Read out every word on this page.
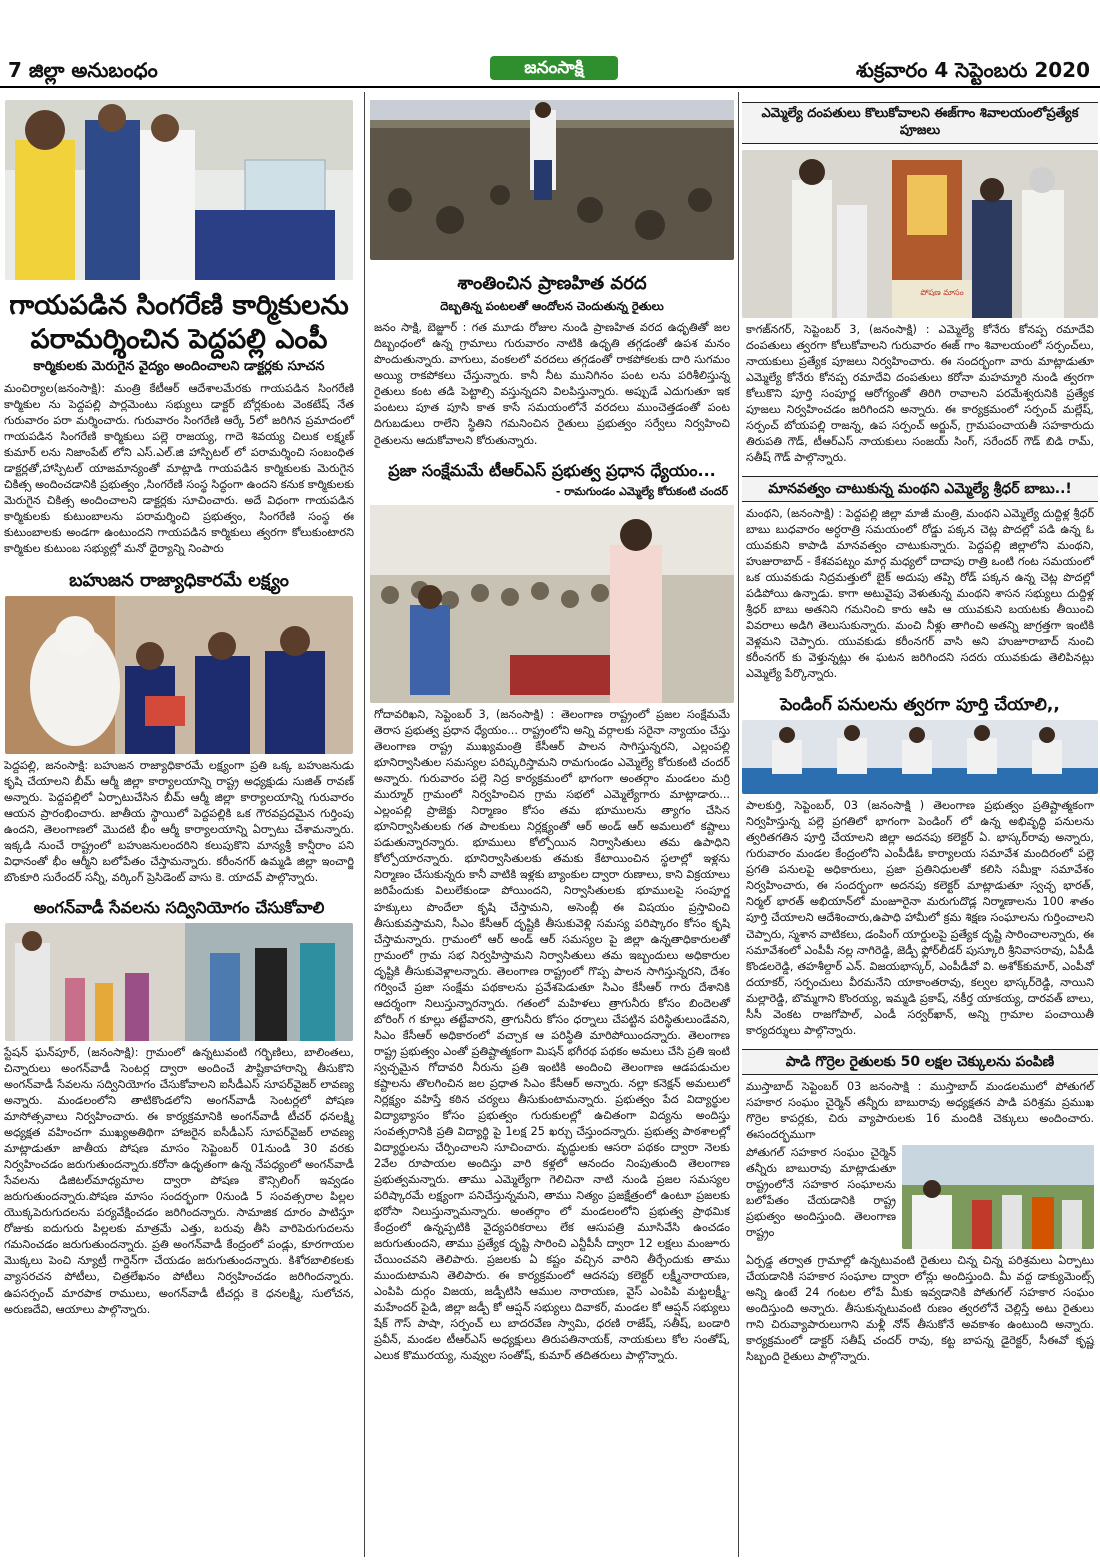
7 జిల్లా అనుబంధం	జనంసాక్షి	శుక్రవారం 4 సెప్టెంబరు 2020
గాయపడిన సింగరేణి కార్మికులను
పరామర్శించిన పెద్దపల్లి ఎంపీ
కార్మికులకు మెరుగైన వైద్యం అందించాలని డాక్టర్లకు సూచన
మంచిర్యాల(జనంసాక్షి): మంత్రి కేటీఆర్ ఆదేశాలమేరకు గాయపడిన సింగరేణి కార్మికుల ను పెద్దపల్లి పార్లమెంటు సభ్యులు డాక్టర్ బోర్లకుంట వెంకటేష్ నేత గురువారం పరా మర్శించారు. గురువారం సింగరేణి ఆర్కే 5లో జరిగిన ప్రమాదంలో గాయపడిన సింగరేణి కార్మికులు పల్లె రాజయ్య, గాదె శివయ్య చిలుక లక్ష్మణ్ కుమార్ లను నిజాంపేట్ లోని ఎస్.ఎల్.జి హాస్పిటల్ లో పరామర్శించి సంబంధిత డాక్టర్లతో,హాస్పిటల్ యాజమాన్యంతో మాట్లాడి గాయపడిన కార్మికులకు మెరుగైన చికిత్స అందించడానికి ప్రభుత్వం ,సింగరేణి సంస్థ సిద్ధంగా ఉందని కనుక కార్మికులకు మెరుగైన చికిత్స అందించాలని డాక్టర్లకు సూచించారు. అదే విధంగా గాయపడిన కార్మికులకు కుటుంబాలను పరామర్శించి ప్రభుత్వం, సింగరేణి సంస్థ ఈ కుటుంబాలకు అండగా ఉంటుందని గాయపడిన కార్మికులు త్వరగా కోలుకుంటారని కార్మికుల కుటుంబ సభ్యుల్లో మనో ధైర్యాన్ని నింపారు
బహుజన రాజ్యాధికారమే లక్ష్యం
పెద్దపల్లి, జనంసాక్షి: బహుజన రాజ్యాధికారమే లక్ష్యంగా ప్రతి ఒక్క బహుజనుడు కృషి చేయాలని బీమ్ ఆర్మీ జిల్లా కార్యాలయాన్ని రాష్ట్ర అధ్యక్షుడు సుజిత్ రావణ్ అన్నారు. పెద్దపల్లిలో ఏర్పాటుచేసిన బీమ్ ఆర్మీ జిల్లా కార్యాలయాన్ని గురువారం ఆయన ప్రారంభించారు. జాతీయ స్థాయిలో పెద్దపల్లికి ఒక గౌరవప్రదమైన గుర్తింపు ఉందని, తెలంగాణలో మొదటి భీం ఆర్మీ కార్యాలయాన్ని ఏర్పాటు చేశామన్నారు. ఇక్కడి నుంచే రాష్ట్రంలో బహుజనులందరిని కలుపుకొని మాన్యశ్రీ కాన్షీరాం పని విధానంతో భీం ఆర్మీని బలోపేతం చేస్తామన్నారు. కరీంనగర్ ఉమ్మడి జిల్లా ఇంచార్జి బొంకూరి సురేందర్ సన్నీ, వర్కింగ్ ప్రెసిడెంట్ వాసు కె. యాదవ్ పాల్గొన్నారు.
అంగన్‌వాడీ సేవలను సద్వినియోగం చేసుకోవాలి
స్టేషన్ ఘన్‌పూర్, (జనంసాక్షి): గ్రామంలో ఉన్నటువంటి గర్భిణిలు, బాలింతలు, చిన్నారులు అంగన్‌వాడీ సెంటర్ల ద్వారా అందించే పౌష్టికాహారాన్ని తీసుకొని అంగన్‌వాడీ సేవలను సద్వినియోగం చేసుకోవాలని ఐసీడీఎస్ సూపర్‌వైజర్ లావణ్య అన్నారు. మండలంలోని తాటికొండలోని అంగన్‌వాడీ సెంటర్లలో పోషణ మాసోత్సవాలు నిర్వహించారు. ఈ కార్యక్రమానికి అంగన్‌వాడీ టీచర్ ధనలక్ష్మి అధ్యక్షత వహించగా ముఖ్యఅతిథిగా హాజరైన ఐసీడీఎస్ సూపర్‌వైజర్ లావణ్య మాట్లాడుతూ జాతీయ పోషణ మాసం సెప్టెంబర్ 01నుండి 30 వరకు నిర్వహించడం జరుగుతుందన్నారు.కరోనా ఉధృతంగా ఉన్న నేపధ్యంలో అంగన్‌వాడీ సేవలను డిజిటల్‌మాధ్యమాల ద్వారా పోషణ కౌన్సిలింగ్ ఇవ్వడం జరుగుతుందన్నారు.పోషణ మాసం సందర్భంగా 0నుండి 5 సంవత్సరాల పిల్లల యొక్కపెరుగుదలను పర్యవేక్షించడం జరిగిందన్నారు. సామాజిక దూరం పాటిస్తూ రోజుకు ఐదుగురు పిల్లలకు మాత్రమే ఎత్తు, బరువు తీసి వారిపెరుగుదలను గమనించడం జరుగుతుందన్నారు. ప్రతి అంగన్‌వాడీ కేంద్రంలో పండ్లు, కూరగాయల మొక్కలు పెంచి న్యూట్రీ గార్డెన్‌గా చేయడం జరుగుతుందన్నారు. కిశోర‌బాలికలకు వ్యాసరచన పోటీలు, చిత్రలేఖనం పోటీలు నిర్వహించడం జరిగిందన్నారు. ఉపసర్పంచ్ మారపాక రాములు, అంగన్‌వాడీ టీచర్లు కె ధనలక్ష్మి, సులోచన, అరుణదేవి, ఆయాలు పాల్గొన్నారు.
శాంతించిన ప్రాణహిత వరద
దెబ్బతిన్న పంటలతో ఆందోలన చెందుతున్న రైతులు
జనం సాక్షి, బెజ్జూర్ : గత మూడు రోజుల నుండి ప్రాణహిత వరద ఉధృతితో జల దిబ్బంధంలో ఉన్న గ్రామాలు గురువారం నాటికి ఉధృతి తగ్గడంతో ఉపశ మనం పొందుతున్నారు. వాగులు, వంకలలో వరదలు తగ్గడంతో రాకపోకలకు దారి సుగమం అయ్యి రాకపోకలు చేస్తున్నారు. కానీ నీట మునిగినం పంట లను పరిశీలిస్తున్న రైతులు కంట తడి పెట్టాల్సి వస్తున్నదని విలపిస్తున్నారు. అప్పుడే ఎదుగుతూ ఇక పంటలు పూత పూసి కాత కాసే సమయంలోనే వరదలు ముంచెత్తడంతో పంట దిగుబడులు రాలేని స్థితిని గమనించిన రైతులు ప్రభుత్వం సర్వేలు నిర్వహించి రైతులను ఆదుకోవాలని కోరుతున్నారు.
ప్రజా సంక్షేమమే టీఆర్ఎస్ ప్రభుత్వ ప్రధాన ధ్యేయం...
- రామగుండం ఎమ్మెల్యే కోరుకంటి చందర్
గోదావరిఖని, సెప్టెంబర్ 3, (జనంసాక్షి) : తెలంగాణ రాష్ట్రంలో ప్రజల సంక్షేమమే తెరాస ప్రభుత్వ ప్రధాన ధ్యేయం... రాష్ట్రంలోని అన్ని వర్గాలకు సరైనా న్యాయం చేస్తు తెలంగాణ రాష్ట్ర ముఖ్యమంత్రి కేసీఆర్ పాలన సాగిస్తున్నరని, ఎల్లంపల్లి భూనిర్వాసితుల సమస్యల పరిష్కరిస్తామని రామగుండం ఎమ్మెల్యే కోరుకంటి చందర్ అన్నారు. గురువారం పల్లె నిద్ర కార్యక్రమంలో భాగంగా అంతర్గాం మండలం మర్రి ముర్మూర్ గ్రామంలో నిర్వహించిన గ్రామ సభలో ఎమ్మెల్యేగారు మాట్లాడారు... ఎల్లంపల్లి ప్రాజెక్టు నిర్మాణం కోసం తమ భూములను త్యాగం చేసిన భూనిర్వాసితులకు గత పాలకులు నిర్లక్ష్యంతో ఆర్ అండ్ ఆర్ అమలులో కష్టాలు పడుతున్నారన్నారు. భూములు కోల్పోయిన నిర్వాసితులు తమ ఉపాధిని కోల్పోయారన్నారు. భూనిర్వాసితులకు తమకు కేటాయించిన స్థలాల్లో ఇళ్లను నిర్మాణం చేసుకున్నరు కానీ వాటికి ఇళ్లకు బ్యాంకుల ద్వారా రుణాలు, కాని విక్రయాలు జరిపేందుకు విలులేకుండా పోయిందని, నిర్వాసితులకు భూములపై సంపూర్ణ హక్కులు పొందేలా కృషి చేస్తామని, అసెంబ్లీ ఈ విషయం ప్రస్తావించి తీసుకువస్తామని, సీఎం కేసీఆర్ దృష్టికి తీసుకువెళ్లి సమస్య పరిష్కారం కోసం కృషి చేస్తామన్నారు. గ్రామంలో ఆర్ అండ్ ఆర్ సమస్యల పై జిల్లా ఉన్నతాధికారులతో గ్రామంలో గ్రామ సభ నిర్వహిస్తామని నిర్వాసితులు తమ ఇబ్బందులు అధికారుల దృష్టికి తీసుకువెళ్లాలన్నారు. తెలంగాణ రాష్ట్రంలో గొప్ప పాలన సాగిస్తున్నరని, దేశం గర్వించే ప్రజా సంక్షేమ పథకాలను ప్రవేశపెడుతూ సిఎం కేసీఆర్ గారు దేశానికి ఆదర్శంగా నిలుస్తున్నారన్నారు. గతంలో మహిళలు త్రాగునీరు కోసం బిందెలతో బోరింగ్ గ కూల్లు తట్టేవారని, త్రాగునీరు కోసం ధర్నాలు చేపట్టిన పరిస్థితులుండేవని, సిఎం కేసీఆర్ అధికారంలో వచ్చాక ఆ పరిస్థితి మారిపోయిందన్నారు. తెలంగాణ రాష్ట్ర ప్రభుత్వం ఎంతో ప్రతిష్టాత్మకంగా మిషన్ భగీరథ పథకం అమలు చేసి ప్రతి ఇంటి స్వచ్ఛమైన గోదావరి నీరును ప్రతి ఇంటికి అందించి తెలంగాణ ఆడపడుచుల కష్టాలను తొలగించిన జల ప్రధాత సిఎం కేసీఆర్ అన్నారు. నల్లా కనెక్షన్ అమలులో నిర్లక్ష్యం వహిస్తే కఠిన చర్యలు తీసుకుంటామన్నారు. ప్రభుత్వం పేద విద్యార్థుల విద్యాభ్యాసం కోసం ప్రభుత్వం గురుకులల్లో ఉచితంగా విద్యను అందిస్తు సంవత్సరానికి ప్రతి విద్యార్థి పై 1లక్ష 25 ఖర్చు చేస్తుందన్నారు. ప్రభుత్వ పాఠశాలల్లో విద్యార్థులను చేర్పించాలని సూచించారు. వృద్ధులకు ఆసరా పథకం ద్వారా నెలకు 2వేల రూపాయల అందిస్తు వారి కళ్లలో ఆనందం నింపుతుంది తెలంగాణ ప్రభుత్వమన్నారు. తాము ఎమ్మెల్యేగా గెలిచినా నాటి నుండి ప్రజల సమస్యల పరిష్కారమే లక్ష్యంగా పనిచేస్తున్నమని, తాము నిత్యం ప్రజక్షేత్రంలో ఉంటూ ప్రజలకు భరోసా నిలుస్తున్నామన్నారు. అంతర్గాం లో మండలంలోని ప్రభుత్వ ప్రాథమిక కేంద్రంలో ఉన్నప్పటికి వైద్యపరికరాలు లేక ఆసుపత్రి మూసివేసి ఉంచడం జరుగుతుందని, తాము ప్రత్యేక దృష్టి సారించి ఎన్టీపీసీ ద్వారా 12 లక్షలు మంజూరు చేయించవని తెలిపారు. ప్రజలకు ఏ కష్టం వచ్చిన వారిని తీర్చేందుకు తాము ముందుటామని తెలిపారు. ఈ కార్యక్రమంలో ఆదనపు కలెక్టర్ లక్ష్మీనారాయణ, ఎంపిపి దుర్గం విజయ, జడ్పీటిసి ఆముల నారాయణ, వైస్ ఎంపిపి మట్టలక్ష్మీ- మహేందర్ పైడి, జిల్లా జడ్పీ కో ఆప్షన్ సభ్యులు దివాకర్, మండల కో ఆప్షన్ సభ్యులు షేక్ గౌస్ పాషా, సర్పంచ్ లు బాదరవేణ స్వామి, ధరణి రాజేష్, సతీష్, బండారి ప్రవీన్, మండల టీఆర్ఎస్ అధ్యక్షులు తిరుపతినాయక్, నాయకులు కోల సంతోష్, ఎలుక కొమురయ్య, నువ్వుల సంతోష్, కుమార్ తదితరులు పాల్గొన్నారు.
ఎమ్మెల్యే దంపతులు కొలుకోవాలని ఈజ్‌గాం శివాలయంలోప్రత్యేక పూజలు
పోషణ మాసం
కాగజ్‌నగర్, సెప్టెంబర్ 3, (జనంసాక్షి) : ఎమ్మెల్యే కోనేరు కోనప్ప రమాదేవి దంపతులు త్వరగా కోలుకోవాలని గురువారం ఈజ్ గాం శివాలయంలో సర్పంచ్‌లు, నాయకులు ప్రత్యేక పూజలు నిర్వహించారు. ఈ సందర్భంగా వారు మాట్లాడుతూ ఎమ్మెల్యే కోనేరు కోనప్ప రమాదేవి దంపతులు కరోనా మహమ్మారి నుండి త్వరగా కోలుకొని పూర్తి సంపూర్ణ ఆరోగ్యంతో తిరిగి రావాలని పరమేశ్వరునికి ప్రత్యేక పూజలు నిర్వహించడం జరిగిందని అన్నారు. ఈ కార్యక్రమంలో సర్పంచ్ మల్లేష్, సర్పంచ్ బోయపల్లి రాజన్న, ఉప సర్పంచ్ అర్జున్, గ్రామపంచాయతీ సహకారుదు తిరుపతి గౌడ్, టీఆర్ఎస్ నాయకులు సంజయ్ సింగ్, సరేందర్ గౌడ్ బిడి రామ్, సతీష్ గౌడ్ పాల్గొన్నారు.
మానవత్వం చాటుకున్న మంథని ఎమ్మెల్యే శ్రీధర్ బాబు..!
మంథని, (జనంసాక్షి) : పెద్దపల్లి జిల్లా మాజీ మంత్రి, మంథని ఎమ్మెల్యే దుద్దిళ్ల శ్రీధర్ బాబు బుధవారం అర్ధరాత్రి సమయంలో రోడ్డు పక్కన చెట్ల పొదల్లో పడి ఉన్న ఓ యువకుని కాపాడి మానవత్వం చాటుకున్నారు. పెద్దపల్లి జిల్లాలోని మంథని, హుజురాబాద్ - కేశవపట్నం మార్గ మధ్యలో దాదాపు రాత్రి ఒంటి గంట సమయంలో ఒక యువకుడు నిద్రమత్తులో బైక్ అదుపు తప్పి రోడ్ పక్కన ఉన్న చెట్ల పొదల్లో పడిపోయి ఉన్నాడు. కాగా అటువైపు వెళుతున్న మంథని శాసన సభ్యులు దుద్దిళ్ల శ్రీధర్ బాబు అతనిని గమనించి కారు ఆపి ఆ యువకుని బయటకు తీయించి వివరాలు అడిగి తెలుసుకున్నారు. మంచి నీళ్లు తాగించి అతన్ని జాగ్రత్తగా ఇంటికి వెళ్లమని చెప్పారు. యువకుడు కరీంనగర్ వాసి అని హుజూరాబాద్ నుంచి కరీంనగర్ కు వెళ్తున్నట్లు ఈ ఘటన జరిగిందని సదరు యువకుడు తెలిపినట్లు ఎమ్మెల్యే పేర్కొన్నారు.
పెండింగ్ పనులను త్వరగా పూర్తి చేయాలి,,
పాలకుర్తి, సెప్టెంబర్, 03 (జనంసాక్షి ) తెలంగాణ ప్రభుత్వం ప్రతిష్టాత్మకంగా నిర్వహిస్తున్న పల్లె ప్రగతిలో భాగంగా పెండింగ్ లో ఉన్న అభివృద్ధి పనులను త్వరితగతిన పూర్తి చేయాలని జిల్లా అదనపు కలెక్టర్ ఏ. భాస్కర్‌రావు అన్నారు, గురువారం మండల కేంద్రంలోని ఎంపీడీఓ కార్యాలయ సమావేశ మందిరంలో పల్లె ప్రగతి పనులపై అధికారులు, ప్రజా ప్రతినిధులతో కలిసి సమీక్షా సమావేశం నిర్వహించారు, ఈ సందర్భంగా అదనపు కలెక్టర్ మాట్లాడుతూ స్వచ్ఛ భారత్, నిర్మల్ భారత్ అభియాన్‌లో మంజూరైనా మరుగుదొడ్ల నిర్మాణాలను 100 శాతం పూర్తి చేయాలని ఆదేశించారు,ఉపాధి హామీలో క్రమ శిక్షణ సంఘాలను గుర్తించాలని చెప్పారు, స్మశాన వాటికలు, డంపింగ్ యార్డులపై ప్రత్యేక దృష్టి సారించాలన్నారు, ఈ సమావేశంలో ఎంపీపీ నల్ల నాగిరెడ్డి, జెడ్పీ ఫ్లోర్‌లీడర్ పుస్కూరి శ్రీనివాసరావు, ఏపీడీ కొండలరెడ్డి, తహశీల్దార్ ఎన్. విజయభాస్కర్, ఎంపీడీవో వి. అశోక్‌కుమార్, ఎంపీవో దయాకర్, సర్పంచులు వీరమనేని యాకాంతరావు, కల్వల భాస్కర్‌రెడ్డి, నాయిని మల్లారెడ్డి, బొమ్మగాని కొంరయ్య, ఇమ్మడి ప్రకాష్, నకీర్త యాకయ్య, దారవత్ బాలు, సీసీ వెంకట రాజగోపాల్, ఎండీ సర్వర్‌ఖాన్, అన్ని గ్రామాల పంచాయితీ కార్యదర్శులు పాల్గొన్నారు.
పాడి గొర్రెల రైతులకు 50 లక్షల చెక్కులను పంపిణి
ముస్తాబాద్ సెప్టెంబర్ 03 జనంసాక్షి : ముస్తాబాద్ మండలములో పోతుగల్ సహకార సంఘం చైర్మెన్ తన్నీరు బాబురావు అధ్యక్షతన పాడి పరిశ్రమ ప్రముఖ గొర్రెల కాపర్లకు, చిరు వ్యాపారులకు 16 మందికి చెక్కులు అందించారు. ఈసందర్భముగా
పోతుగల్ సహకార సంఘం చైర్మెన్ తన్నీరు బాబురావు మాట్లాడుతూ రాష్ట్రంలోనే సహకార సంఘాలను బలోపేతం చేయడానికి రాష్ట్ర ప్రభుత్వం అందిస్తుంది. తెలంగాణ రాష్ట్రం
ఏర్పడ్డ తర్వాత గ్రామాల్లో ఉన్నటువంటి రైతులు చిన్న చిన్న పరిశ్రమలు ఏర్పాటు చేయడానికి సహకార సంఘాల ద్వారా లోన్లు అందిస్తుంది. మీ వద్ద డాక్యుమెంట్స్ అన్ని ఉంటే 24 గంటల లోపే మీకు ఇవ్వడానికి పోతుగల్ సహకార సంఘం అందిస్తుంది అన్నారు. తీసుకున్నటువంటి రుణం త్వరలోనే చెల్లిస్తే అటు రైతులు గాని చిరువ్యాపారులుగాని మళ్లీ నోన్ తీసుకోనే అవకాశం ఉంటుంది అన్నారు. కార్యక్రమంలో డాక్టర్ సతీష్ చందర్ రావు, కట్ట బాపన్న డైరెక్టర్, సీఈవో కృష్ణ సిబ్బంది రైతులు పాల్గొన్నారు.
